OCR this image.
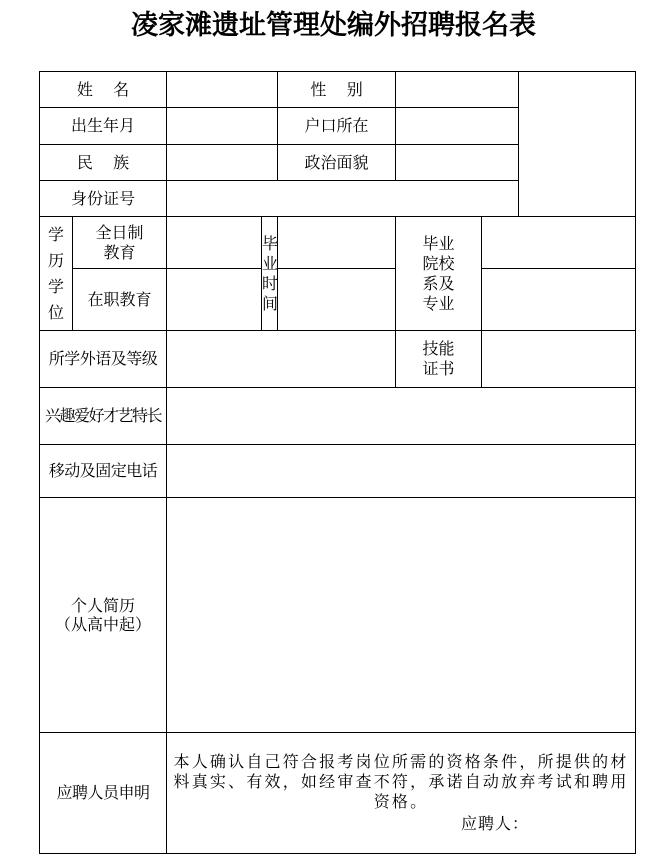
凌家滩遗址管理处编外招聘报名表
姓    名				性    别			
出生年月				户口所在			
民    族				政治面貌			
身份证号							
学历学位	全日制教育		毕业时间		毕业院校系及专业		
	在职教育						
所学外语及等级					技能证书		
兴趣爱好才艺特长							
移动及固定电话							

个人简历
（从高中起）							

应聘人员申明		本人确认自己符合报考岗位所需的资格条件，所提供的材料真实、有效，如经审查不符，承诺自动放弃考试和聘用资格。
应聘人：					
